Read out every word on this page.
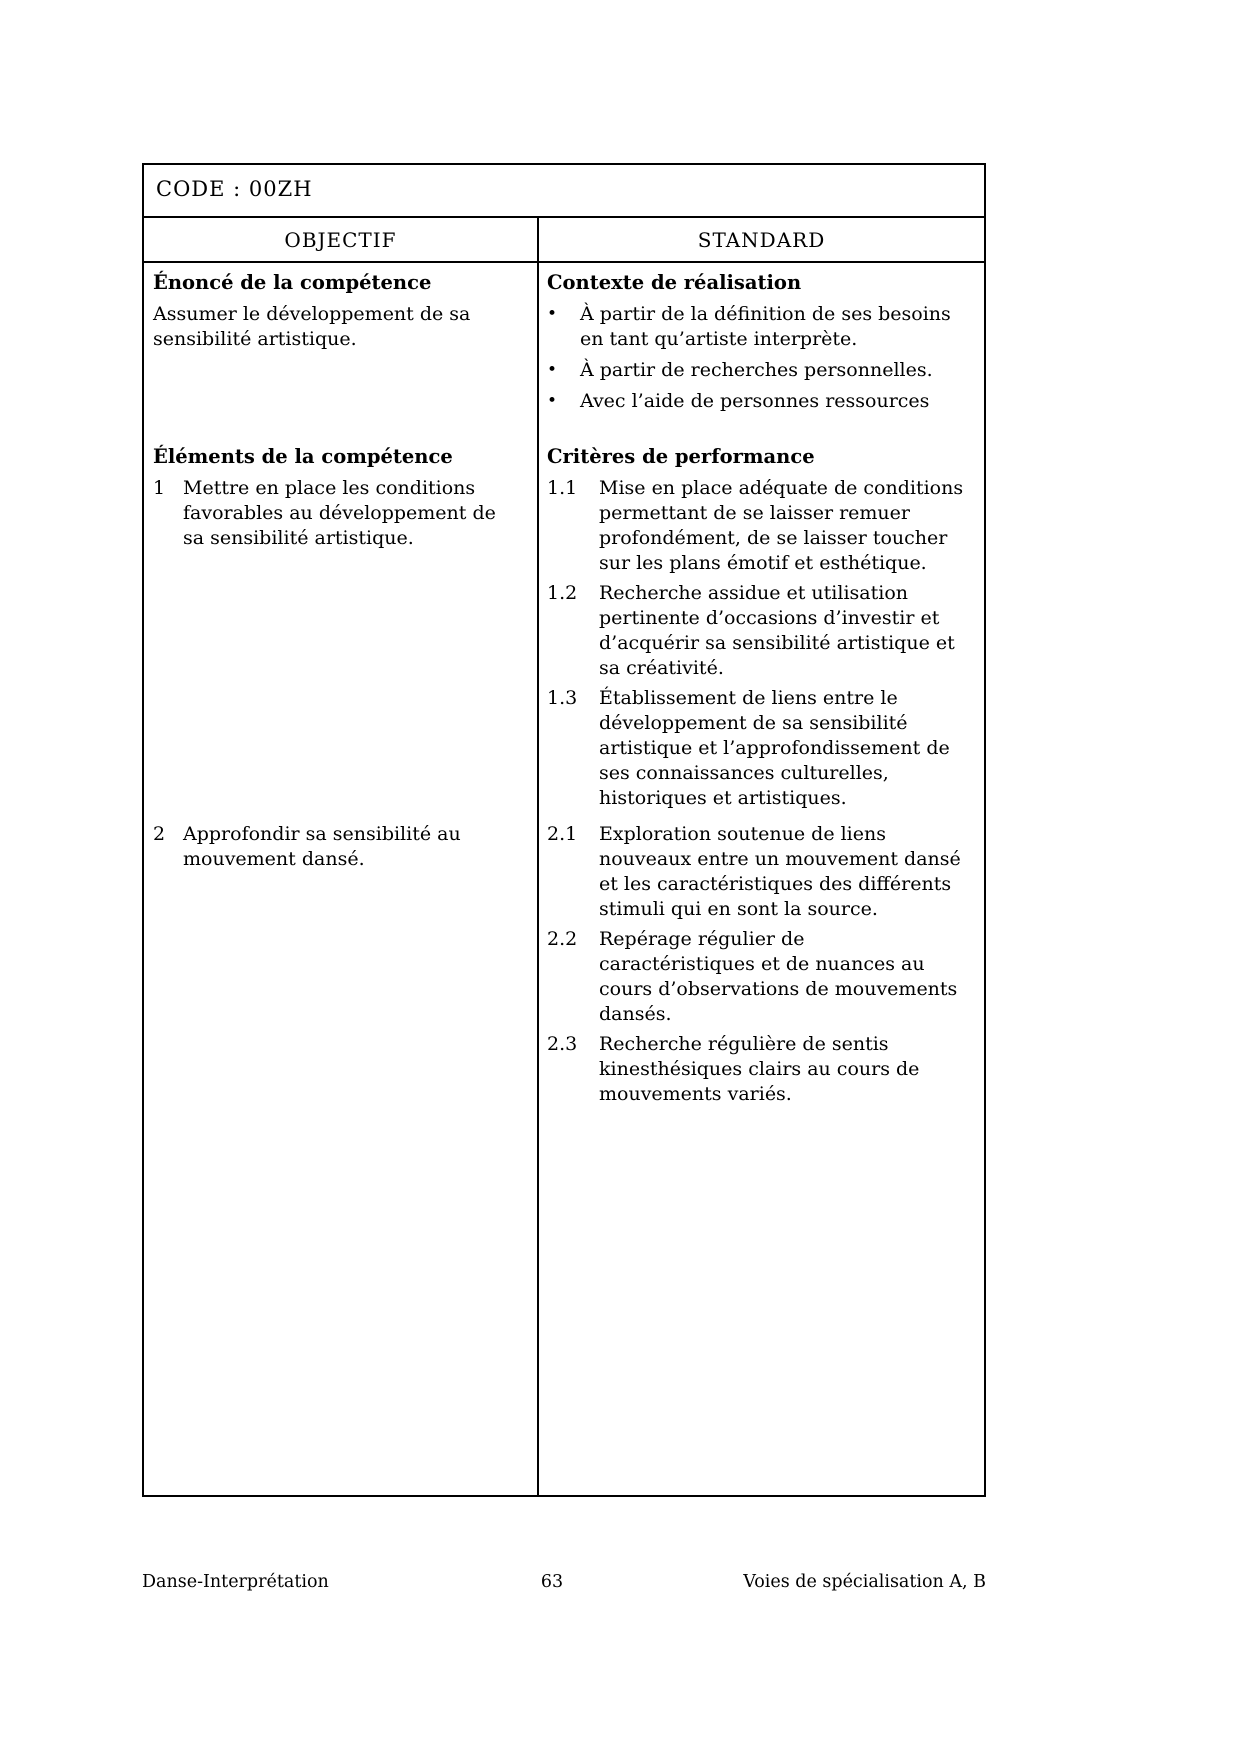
CODE : 00ZH
OBJECTIF	STANDARD
Énoncé de la compétence
Assumer le développement de sa sensibilité artistique.
Contexte de réalisation
•	À partir de la définition de ses besoins en tant qu’artiste interprète.
•	À partir de recherches personnelles.
•	Avec l’aide de personnes ressources
Éléments de la compétence
1 Mettre en place les conditions favorables au développement de sa sensibilité artistique.
Critères de performance
1.1	Mise en place adéquate de conditions permettant de se laisser remuer profondément, de se laisser toucher sur les plans émotif et esthétique.
1.2	Recherche assidue et utilisation pertinente d’occasions d’investir et d’acquérir sa sensibilité artistique et sa créativité.
1.3	Établissement de liens entre le développement de sa sensibilité artistique et l’approfondissement de ses connaissances culturelles, historiques et artistiques.
2 Approfondir sa sensibilité au mouvement dansé.
2.1	Exploration soutenue de liens nouveaux entre un mouvement dansé et les caractéristiques des différents stimuli qui en sont la source.
2.2	Repérage régulier de caractéristiques et de nuances au cours d’observations de mouvements dansés.
2.3	Recherche régulière de sentis kinesthésiques clairs au cours de mouvements variés.
Danse-Interprétation	63	Voies de spécialisation A, B
